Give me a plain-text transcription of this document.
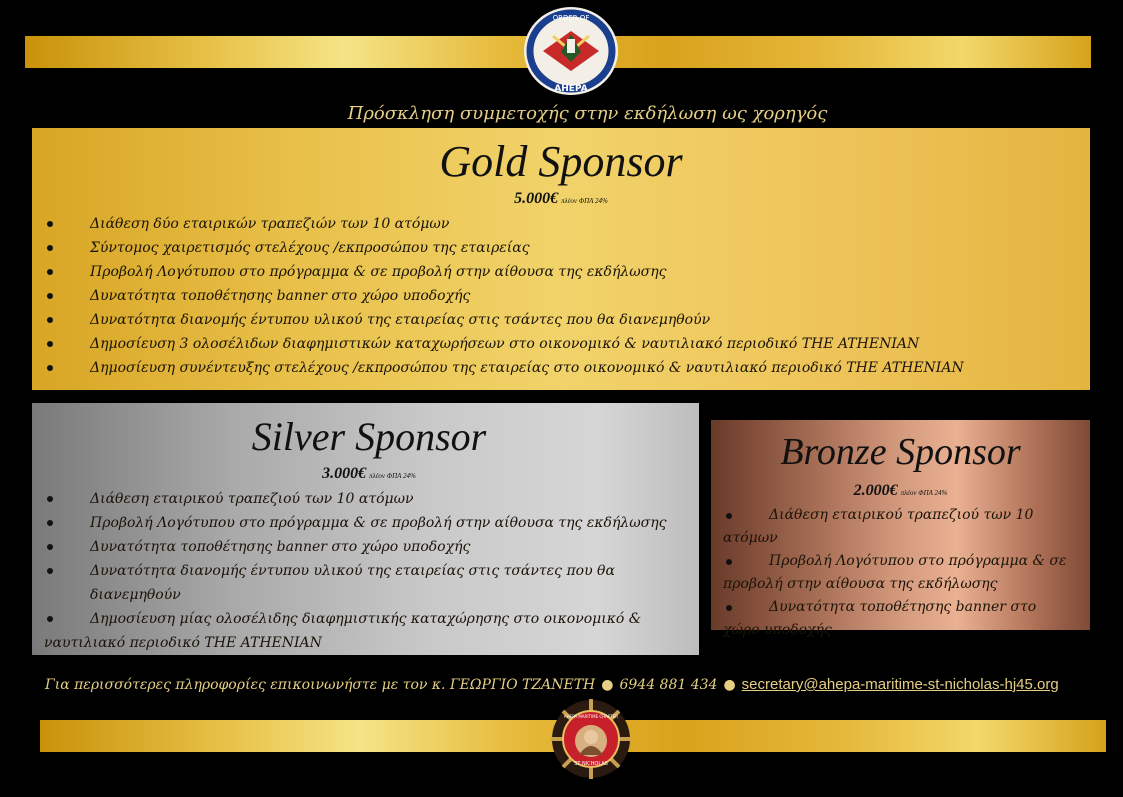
ORDER OF
AHEPA
Πρόσκληση συμμετοχής στην εκδήλωση ως χορηγός
Gold Sponsor
5.000€ πλέον ΦΠΑ 24%
Διάθεση δύο εταιρικών τραπεζιών των 10 ατόμων
Σύντομος χαιρετισμός στελέχους /εκπροσώπου της εταιρείας
Προβολή Λογότυπου στο πρόγραμμα & σε προβολή στην αίθουσα της εκδήλωσης
Δυνατότητα τοποθέτησης banner στο χώρο υποδοχής
Δυνατότητα διανομής έντυπου υλικού της εταιρείας στις τσάντες που θα διανεμηθούν
Δημοσίευση 3 ολοσέλιδων διαφημιστικών καταχωρήσεων στο οικονομικό & ναυτιλιακό περιοδικό THE ATHENIAN
Δημοσίευση συνέντευξης στελέχους /εκπροσώπου της εταιρείας στο οικονομικό & ναυτιλιακό περιοδικό THE ATHENIAN
Silver Sponsor
3.000€ πλέον ΦΠΑ 24%
Διάθεση εταιρικού τραπεζιού των 10 ατόμων
Προβολή Λογότυπου στο πρόγραμμα & σε προβολή στην αίθουσα της εκδήλωσης
Δυνατότητα τοποθέτησης banner στο χώρο υποδοχής
Δυνατότητα διανομής έντυπου υλικού της εταιρείας στις τσάντες που θα διανεμηθούν
Δημοσίευση μίας ολοσέλιδης διαφημιστικής καταχώρησης στο οικονομικό & ναυτιλιακό περιοδικό THE ATHENIAN
Bronze Sponsor
2.000€ πλέον ΦΠΑ 24%
Διάθεση εταιρικού τραπεζιού των 10 ατόμων
Προβολή Λογότυπου στο πρόγραμμα & σε προβολή στην αίθουσα της εκδήλωσης
Δυνατότητα τοποθέτησης banner στο χώρο υποδοχής
Για περισσότερες πληροφορίες επικοινωνήστε με τον κ. ΓΕΩΡΓΙΟ ΤΖΑΝΕΤΗ ● 6944 881 434 ● secretary@ahepa-maritime-st-nicholas-hj45.org
AHEPA MARITIME CHAPTER
ST NICHOLAS
